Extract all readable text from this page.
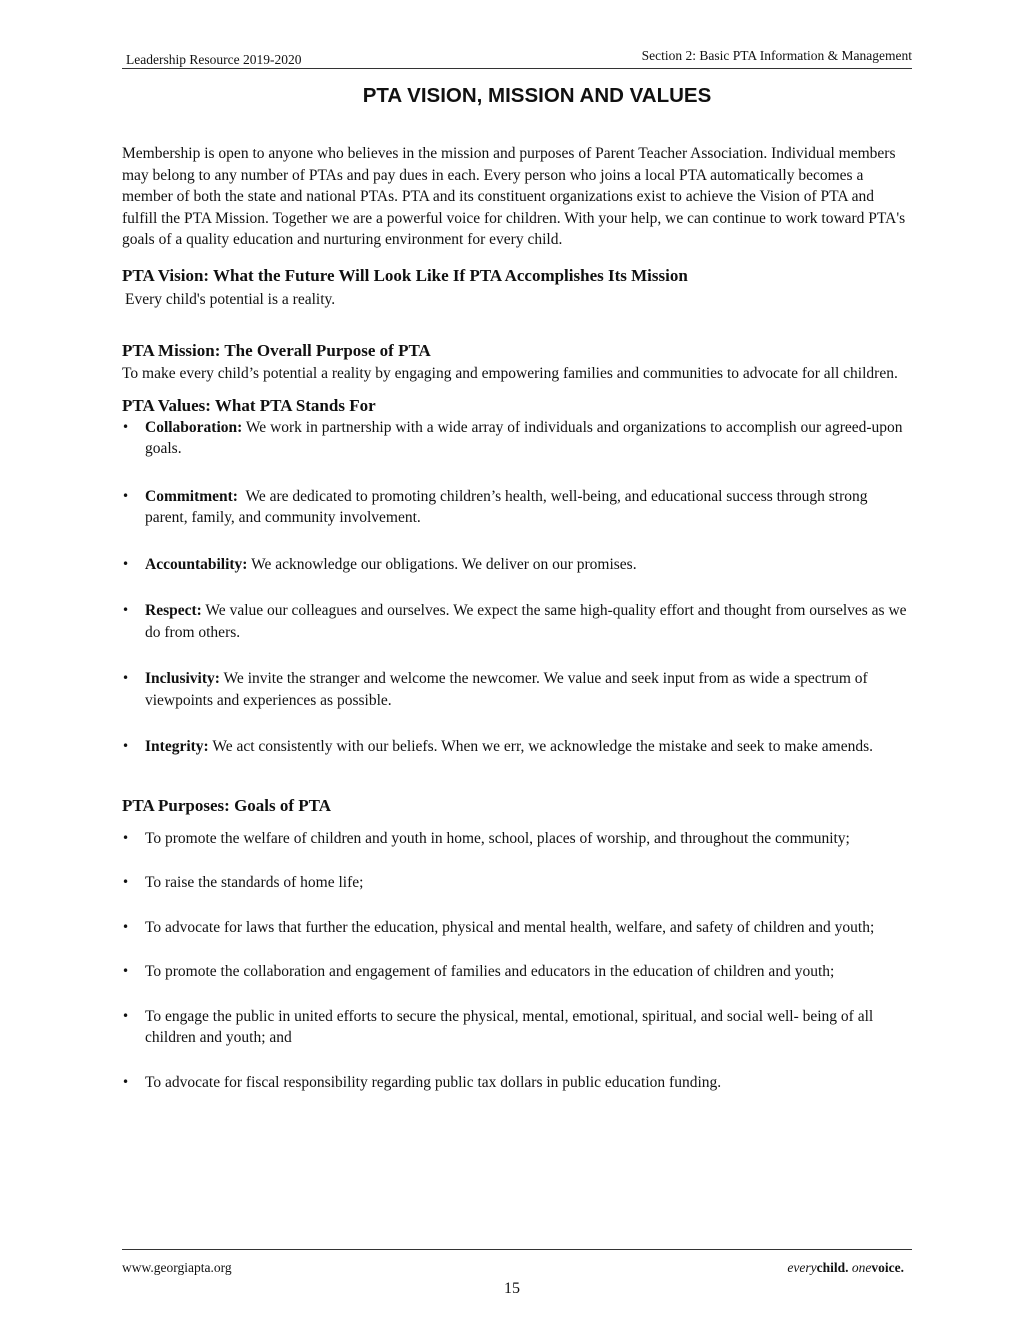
Leadership Resource 2019-2020	Section 2: Basic PTA Information & Management
PTA VISION, MISSION AND VALUES

Membership is open to anyone who believes in the mission and purposes of Parent Teacher Association. Individual members may belong to any number of PTAs and pay dues in each. Every person who joins a local PTA automatically becomes a member of both the state and national PTAs. PTA and its constituent organizations exist to achieve the Vision of PTA and fulfill the PTA Mission. Together we are a powerful voice for children. With your help, we can continue to work toward PTA's goals of a quality education and nurturing environment for every child.

PTA Vision: What the Future Will Look Like If PTA Accomplishes Its Mission

Every child's potential is a reality.

PTA Mission: The Overall Purpose of PTA

To make every child’s potential a reality by engaging and empowering families and communities to advocate for all children.

PTA Values: What PTA Stands For

• Collaboration: We work in partnership with a wide array of individuals and organizations to accomplish our agreed-upon goals.
• Commitment: We are dedicated to promoting children’s health, well-being, and educational success through strong parent, family, and community involvement.
• Accountability: We acknowledge our obligations. We deliver on our promises.
• Respect: We value our colleagues and ourselves. We expect the same high-quality effort and thought from ourselves as we do from others.
• Inclusivity: We invite the stranger and welcome the newcomer. We value and seek input from as wide a spectrum of viewpoints and experiences as possible.
• Integrity: We act consistently with our beliefs. When we err, we acknowledge the mistake and seek to make amends.

PTA Purposes: Goals of PTA

• To promote the welfare of children and youth in home, school, places of worship, and throughout the community;
• To raise the standards of home life;
• To advocate for laws that further the education, physical and mental health, welfare, and safety of children and youth;
• To promote the collaboration and engagement of families and educators in the education of children and youth;
• To engage the public in united efforts to secure the physical, mental, emotional, spiritual, and social well- being of all children and youth; and
• To advocate for fiscal responsibility regarding public tax dollars in public education funding.
www.georgiapta.org	everychild. onevoice.
15
